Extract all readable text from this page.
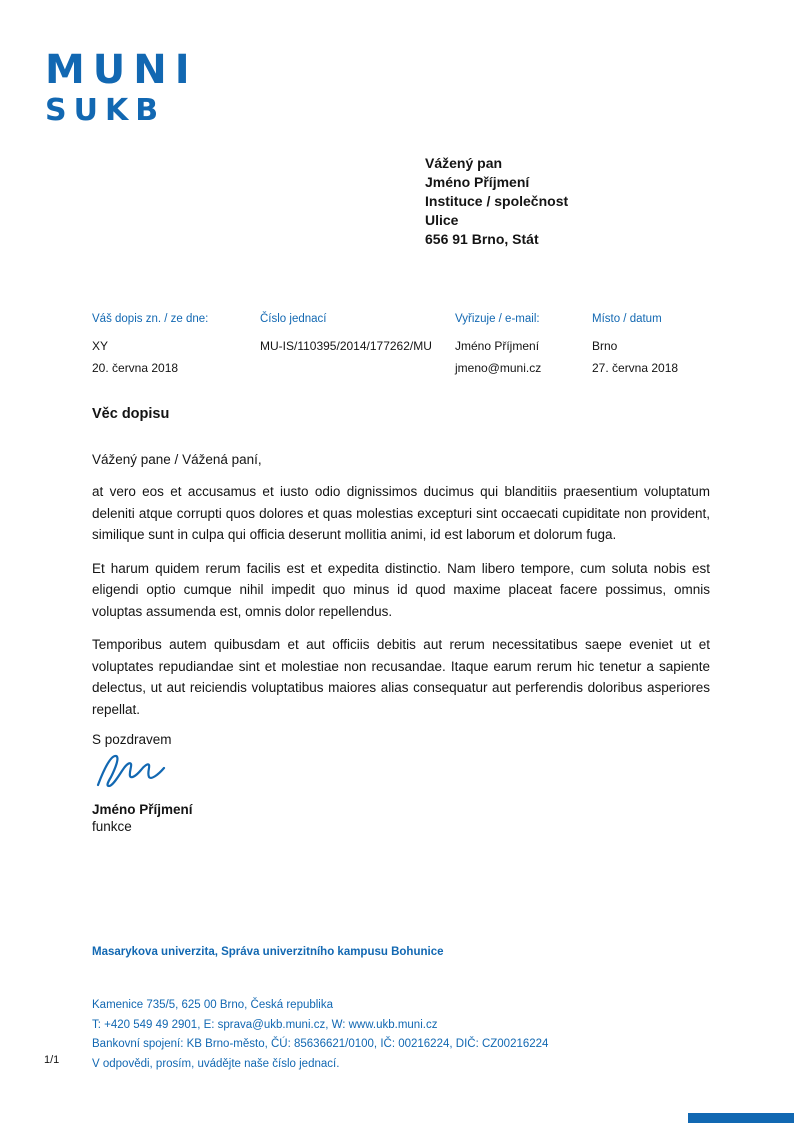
MUNI
SUKB
Vážený pan
Jméno Příjmení
Instituce / společnost
Ulice
656 91 Brno, Stát
Váš dopis zn. / ze dne:
XY
20. června 2018
Číslo jednací
MU-IS/110395/2014/177262/MU
Vyřizuje / e-mail:
Jméno Příjmení
jmeno@muni.cz
Místo / datum
Brno
27. června 2018
Věc dopisu
Vážený pane / Vážená paní,

at vero eos et accusamus et iusto odio dignissimos ducimus qui blanditiis praesentium voluptatum deleniti atque corrupti quos dolores et quas molestias excepturi sint occaecati cupiditate non provident, similique sunt in culpa qui officia deserunt mollitia animi, id est laborum et dolorum fuga.

Et harum quidem rerum facilis est et expedita distinctio. Nam libero tempore, cum soluta nobis est eligendi optio cumque nihil impedit quo minus id quod maxime placeat facere possimus, omnis voluptas assumenda est, omnis dolor repellendus.

Temporibus autem quibusdam et aut officiis debitis aut rerum necessitatibus saepe eveniet ut et voluptates repudiandae sint et molestiae non recusandae. Itaque earum rerum hic tenetur a sapiente delectus, ut aut reiciendis voluptatibus maiores alias consequatur aut perferendis doloribus asperiores repellat.

S pozdravem
Jméno Příjmení
funkce
Masarykova univerzita, Správa univerzitního kampusu Bohunice
Kamenice 735/5, 625 00 Brno, Česká republika
T: +420 549 49 2901, E: sprava@ukb.muni.cz, W: www.ukb.muni.cz
Bankovní spojení: KB Brno-město, ČÚ: 85636621/0100, IČ: 00216224, DIČ: CZ00216224
V odpovědi, prosím, uvádějte naše číslo jednací.
1/1
